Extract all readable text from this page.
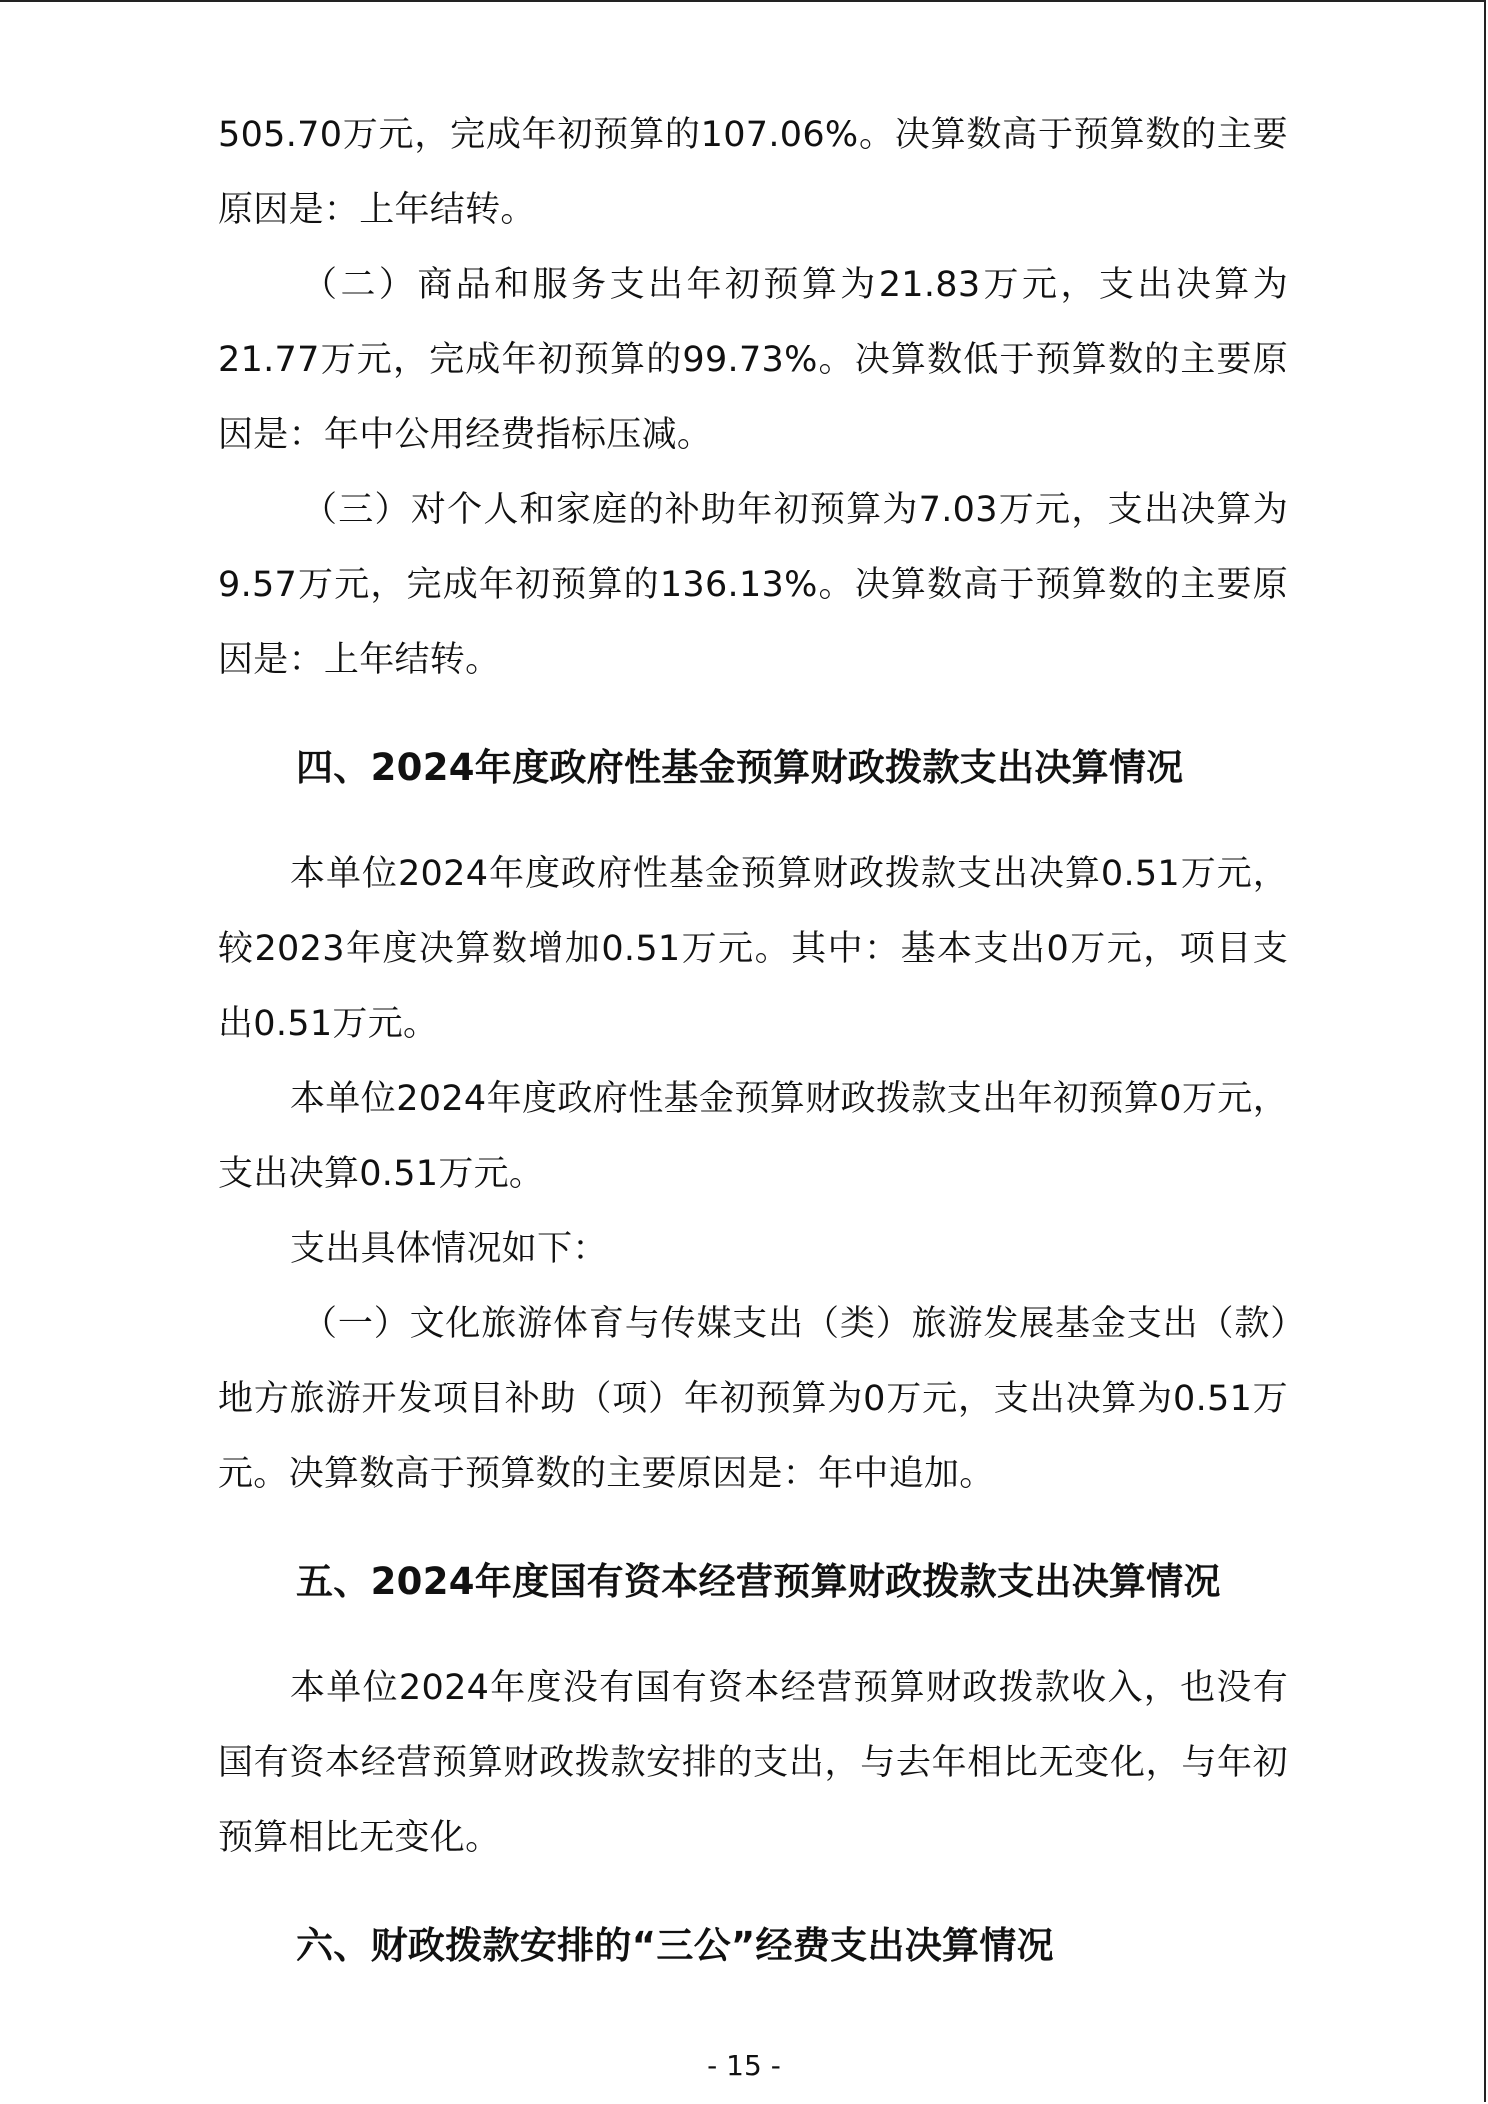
505.70万元，完成年初预算的107.06%。决算数高于预算数的主要原因是：上年结转。

（二）商品和服务支出年初预算为21.83万元，支出决算为21.77万元，完成年初预算的99.73%。决算数低于预算数的主要原因是：年中公用经费指标压减。

（三）对个人和家庭的补助年初预算为7.03万元，支出决算为9.57万元，完成年初预算的136.13%。决算数高于预算数的主要原因是：上年结转。

四、2024年度政府性基金预算财政拨款支出决算情况

本单位2024年度政府性基金预算财政拨款支出决算0.51万元，较2023年度决算数增加0.51万元。其中：基本支出0万元，项目支出0.51万元。

本单位2024年度政府性基金预算财政拨款支出年初预算0万元，支出决算0.51万元。

支出具体情况如下：

（一）文化旅游体育与传媒支出（类）旅游发展基金支出（款）地方旅游开发项目补助（项）年初预算为0万元，支出决算为0.51万元。决算数高于预算数的主要原因是：年中追加。

五、2024年度国有资本经营预算财政拨款支出决算情况

本单位2024年度没有国有资本经营预算财政拨款收入，也没有国有资本经营预算财政拨款安排的支出，与去年相比无变化，与年初预算相比无变化。

六、财政拨款安排的“三公”经费支出决算情况
- 15 -
